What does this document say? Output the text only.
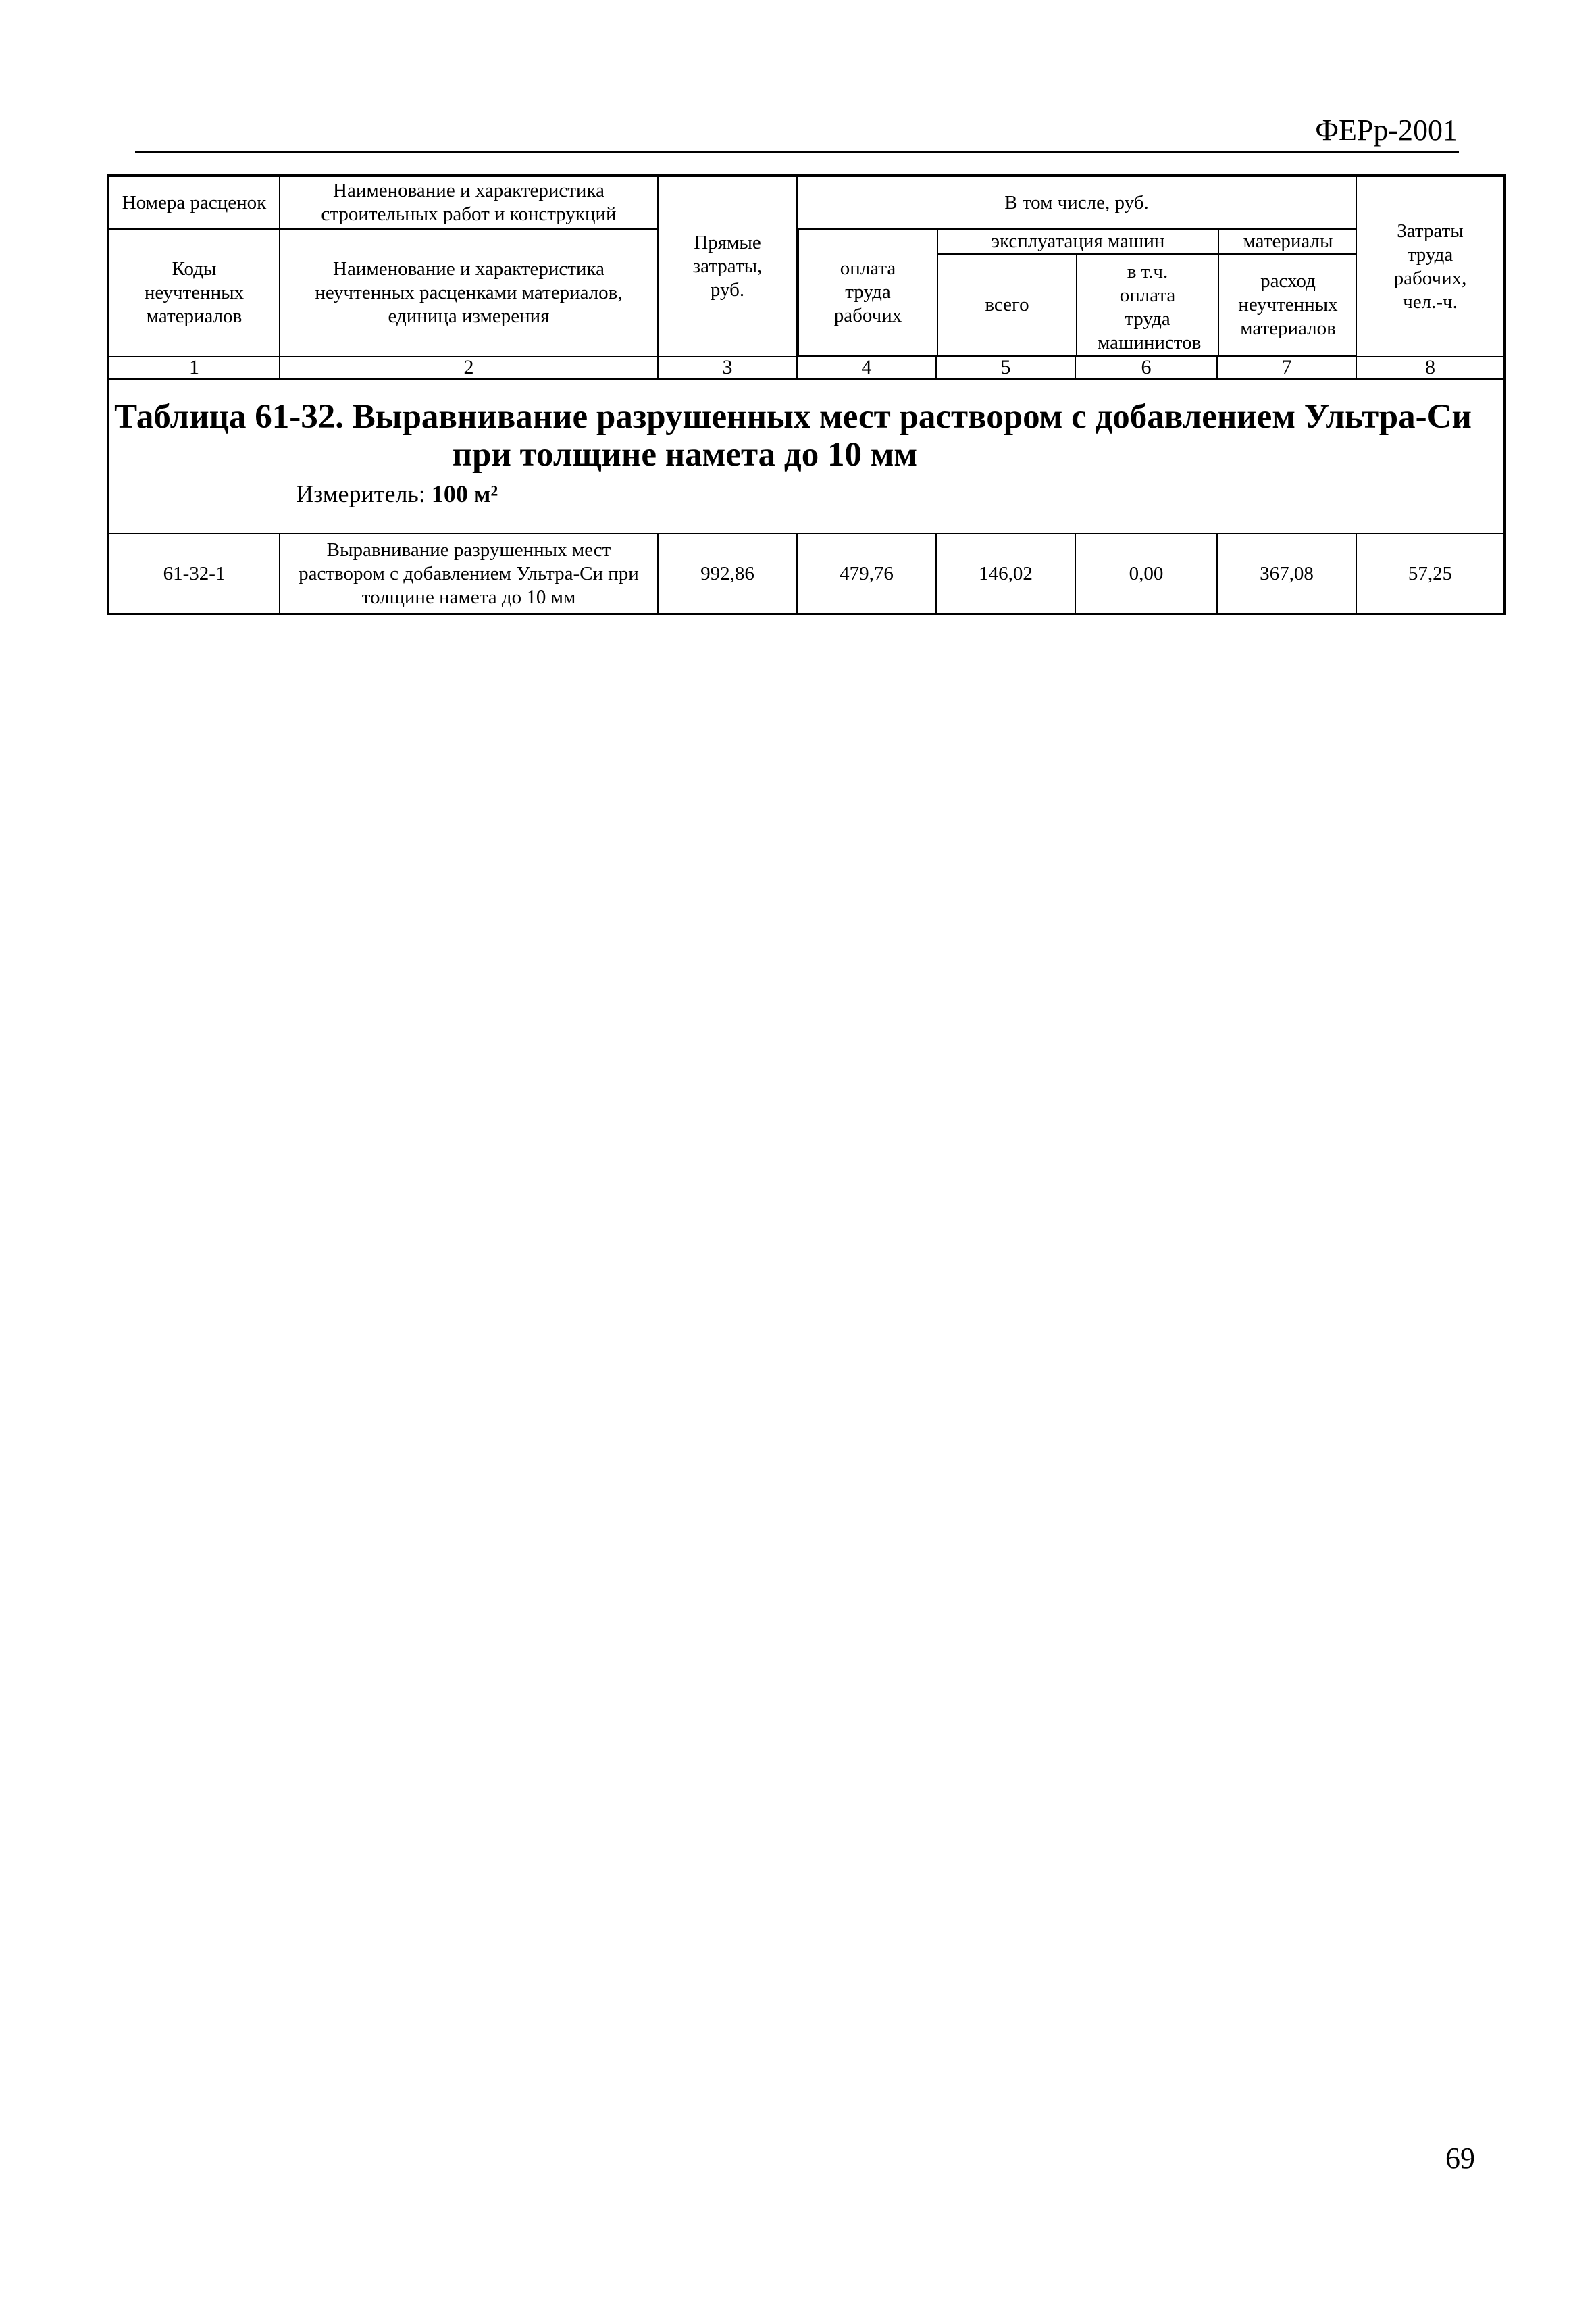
ФЕРр-2001
Номера расценок	Наименование и характеристика строительных работ и конструкций	Прямые затраты, руб.	В том числе, руб.	Затраты труда рабочих, чел.-ч.

Коды неучтенных материалов	Наименование и характеристика неучтенных расценками материалов, единица измерения	
оплата труда рабочих	эксплуатация машин	материалы
всего	в т.ч. оплата труда машинистов	расход неучтенных материалов

1	2	3	4	5	6	7	8

Таблица 61-32. Выравнивание разрушенных мест раствором с добавлением Ультра-Си
при толщине намета до 10 мм
Измеритель: 100 м²

61-32-1	Выравнивание разрушенных мест раствором с добавлением Ультра-Си при толщине намета до 10 мм	992,86	479,76	146,02	0,00	367,08	57,25
69
